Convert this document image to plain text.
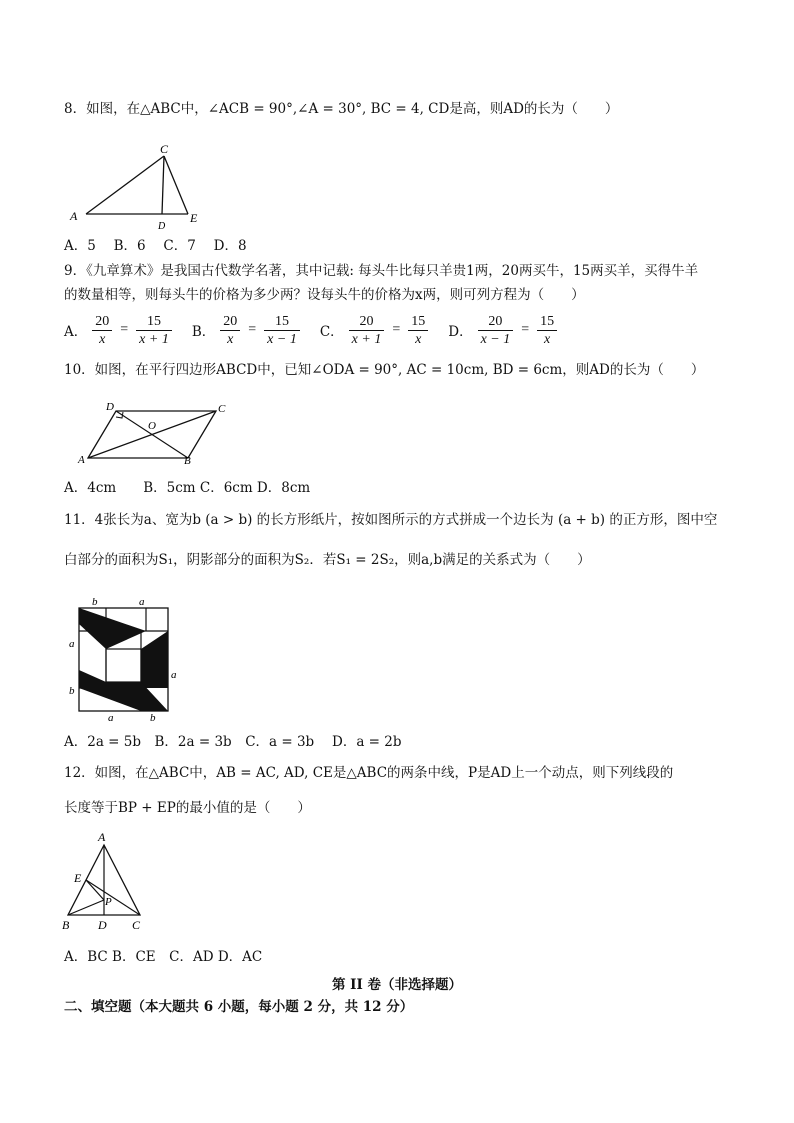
8．如图，在△ABC中，∠ACB = 90°,∠A = 30°, BC = 4, CD是高，则AD的长为（　　）
A
C
E
D
A．5　 B．6　 C．7　 D．8
9．《九章算术》是我国古代数学名著，其中记载: 每头牛比每只羊贵1两，20两买牛，15两买羊，买得牛羊
的数量相等，则每头牛的价格为多少两？设每头牛的价格为x两，则可列方程为（　　）
A． $\frac{20}{x} = \frac{15}{x + 1}$ B． $\frac{20}{x} = \frac{15}{x - 1}$ C． $\frac{20}{x + 1} = \frac{15}{x}$ D． $\frac{20}{x - 1} = \frac{15}{x}$
10．如图，在平行四边形ABCD中，已知∠ODA = 90°, AC = 10cm, BD = 6cm，则AD的长为（　　）
A
D	C
B
O
A．4cm　　B．5cm C．6cm D．8cm
11．4张长为a、宽为b (a > b) 的长方形纸片，按如图所示的方式拼成一个边长为 (a + b) 的正方形，图中空
白部分的面积为S₁，阴影部分的面积为S₂．若S₁ = 2S₂，则a,b满足的关系式为（　　）
b	a
a
b
a
a	b
A．2a = 5b　B．2a = 3b　C．a = 3b　 D．a = 2b
12．如图，在△ABC中，AB = AC, AD, CE是△ABC的两条中线，P是AD上一个动点，则下列线段的
长度等于BP + EP的最小值的是（　　）
A
E
P
B D C
A．BC B．CE　C．AD D．AC
第 II 卷（非选择题）
二、填空题（本大题共 6 小题，每小题 2 分，共 12 分）
